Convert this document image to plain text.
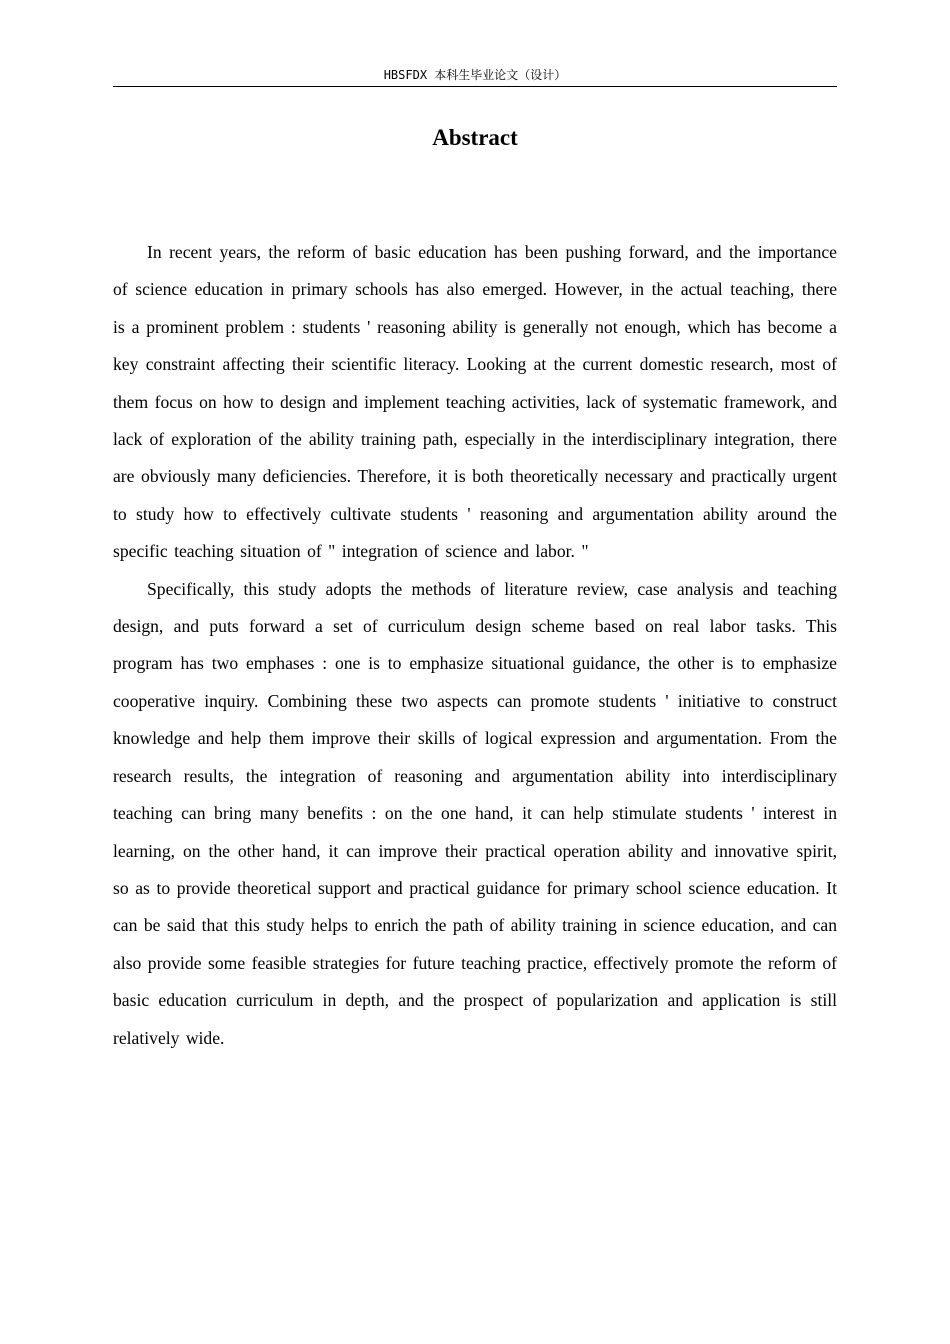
HBSFDX 本科生毕业论文（设计）
Abstract

In recent years, the reform of basic education has been pushing forward, and the importance of science education in primary schools has also emerged. However, in the actual teaching, there is a prominent problem : students ' reasoning ability is generally not enough, which has become a key constraint affecting their scientific literacy. Looking at the current domestic research, most of them focus on how to design and implement teaching activities, lack of systematic framework, and lack of exploration of the ability training path, especially in the interdisciplinary integration, there are obviously many deficiencies. Therefore, it is both theoretically necessary and practically urgent to study how to effectively cultivate students ' reasoning and argumentation ability around the specific teaching situation of " integration of science and labor. "

Specifically, this study adopts the methods of literature review, case analysis and teaching design, and puts forward a set of curriculum design scheme based on real labor tasks. This program has two emphases : one is to emphasize situational guidance, the other is to emphasize cooperative inquiry. Combining these two aspects can promote students ' initiative to construct knowledge and help them improve their skills of logical expression and argumentation. From the research results, the integration of reasoning and argumentation ability into interdisciplinary teaching can bring many benefits : on the one hand, it can help stimulate students ' interest in learning, on the other hand, it can improve their practical operation ability and innovative spirit, so as to provide theoretical support and practical guidance for primary school science education. It can be said that this study helps to enrich the path of ability training in science education, and can also provide some feasible strategies for future teaching practice, effectively promote the reform of basic education curriculum in depth, and the prospect of popularization and application is still relatively wide.
